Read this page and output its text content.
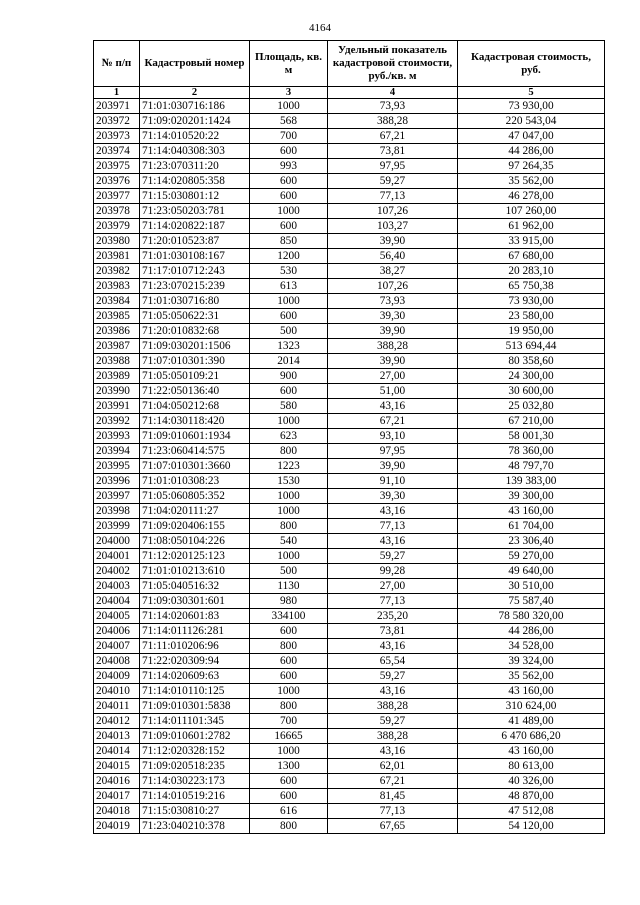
4164
№ п/п	Кадастровый номер	Площадь, кв. м	Удельный показатель кадастровой стоимости, руб./кв. м	Кадастровая стоимость, руб.
1	2	3	4	5
203971	71:01:030716:186	1000	73,93	73 930,00
203972	71:09:020201:1424	568	388,28	220 543,04
203973	71:14:010520:22	700	67,21	47 047,00
203974	71:14:040308:303	600	73,81	44 286,00
203975	71:23:070311:20	993	97,95	97 264,35
203976	71:14:020805:358	600	59,27	35 562,00
203977	71:15:030801:12	600	77,13	46 278,00
203978	71:23:050203:781	1000	107,26	107 260,00
203979	71:14:020822:187	600	103,27	61 962,00
203980	71:20:010523:87	850	39,90	33 915,00
203981	71:01:030108:167	1200	56,40	67 680,00
203982	71:17:010712:243	530	38,27	20 283,10
203983	71:23:070215:239	613	107,26	65 750,38
203984	71:01:030716:80	1000	73,93	73 930,00
203985	71:05:050622:31	600	39,30	23 580,00
203986	71:20:010832:68	500	39,90	19 950,00
203987	71:09:030201:1506	1323	388,28	513 694,44
203988	71:07:010301:390	2014	39,90	80 358,60
203989	71:05:050109:21	900	27,00	24 300,00
203990	71:22:050136:40	600	51,00	30 600,00
203991	71:04:050212:68	580	43,16	25 032,80
203992	71:14:030118:420	1000	67,21	67 210,00
203993	71:09:010601:1934	623	93,10	58 001,30
203994	71:23:060414:575	800	97,95	78 360,00
203995	71:07:010301:3660	1223	39,90	48 797,70
203996	71:01:010308:23	1530	91,10	139 383,00
203997	71:05:060805:352	1000	39,30	39 300,00
203998	71:04:020111:27	1000	43,16	43 160,00
203999	71:09:020406:155	800	77,13	61 704,00
204000	71:08:050104:226	540	43,16	23 306,40
204001	71:12:020125:123	1000	59,27	59 270,00
204002	71:01:010213:610	500	99,28	49 640,00
204003	71:05:040516:32	1130	27,00	30 510,00
204004	71:09:030301:601	980	77,13	75 587,40
204005	71:14:020601:83	334100	235,20	78 580 320,00
204006	71:14:011126:281	600	73,81	44 286,00
204007	71:11:010206:96	800	43,16	34 528,00
204008	71:22:020309:94	600	65,54	39 324,00
204009	71:14:020609:63	600	59,27	35 562,00
204010	71:14:010110:125	1000	43,16	43 160,00
204011	71:09:010301:5838	800	388,28	310 624,00
204012	71:14:011101:345	700	59,27	41 489,00
204013	71:09:010601:2782	16665	388,28	6 470 686,20
204014	71:12:020328:152	1000	43,16	43 160,00
204015	71:09:020518:235	1300	62,01	80 613,00
204016	71:14:030223:173	600	67,21	40 326,00
204017	71:14:010519:216	600	81,45	48 870,00
204018	71:15:030810:27	616	77,13	47 512,08
204019	71:23:040210:378	800	67,65	54 120,00
